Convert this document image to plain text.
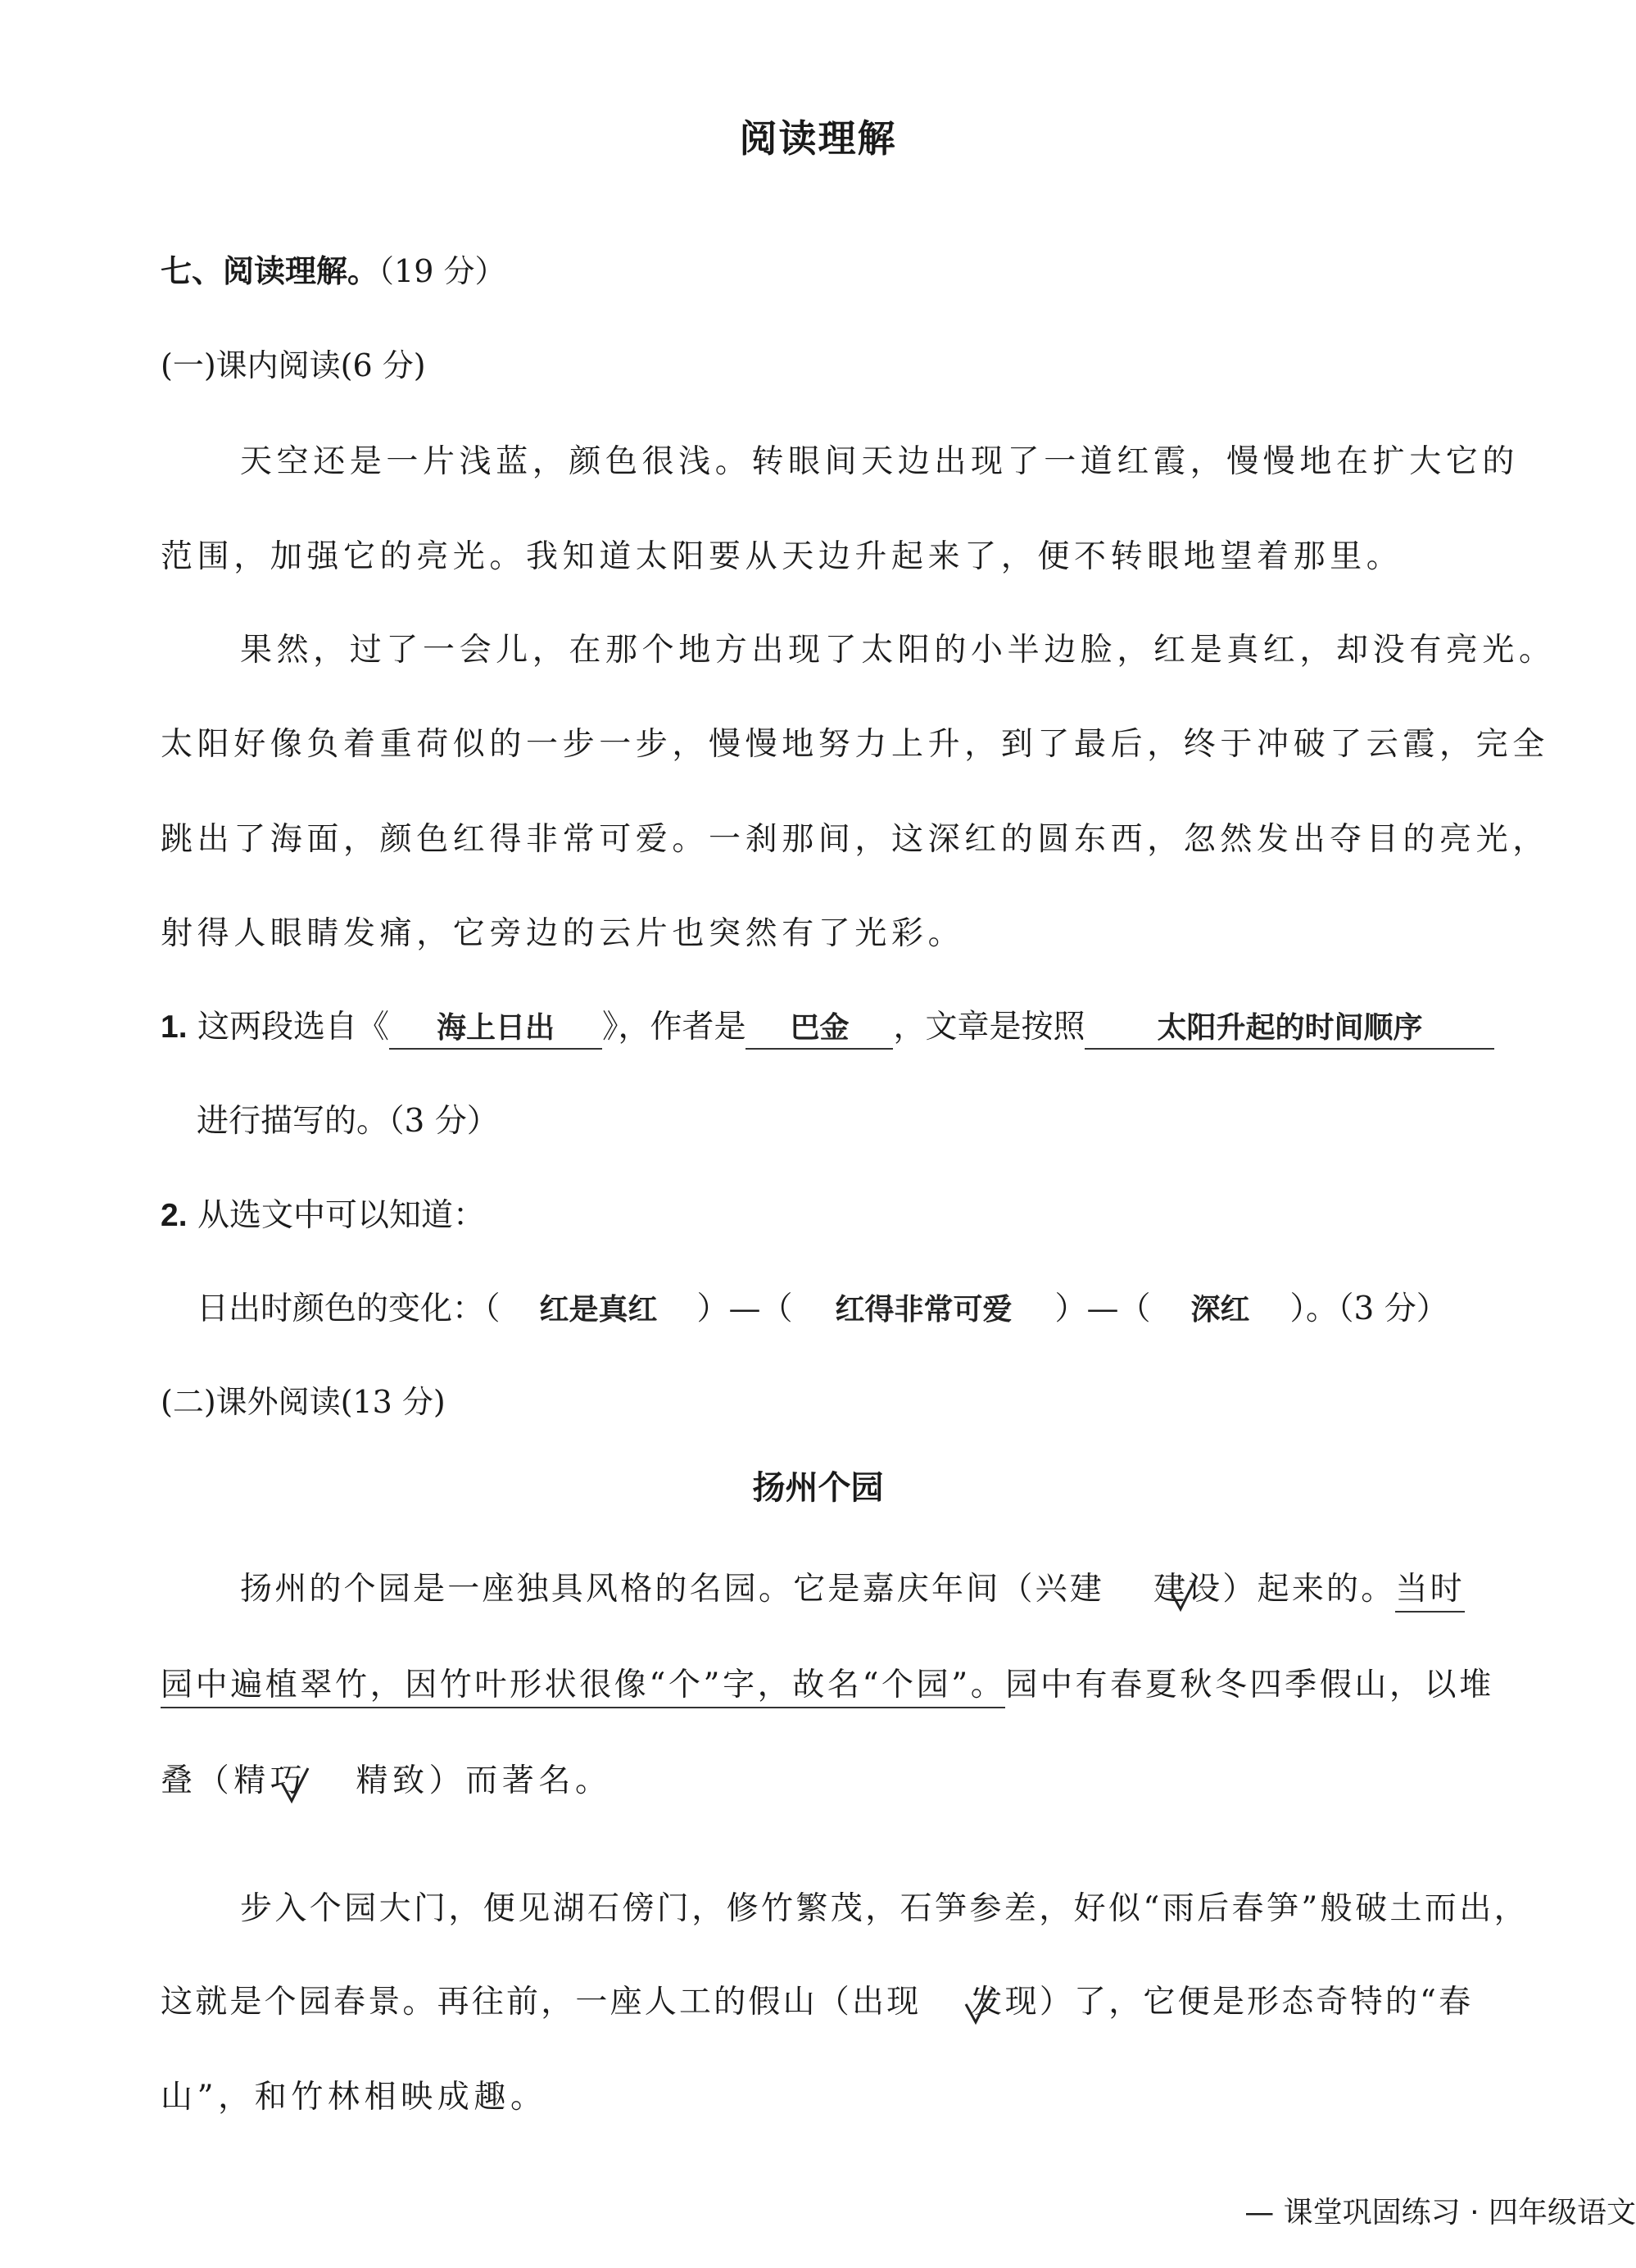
阅读理解
七、阅读理解。（19 分）
(一)课内阅读(6 分)
天空还是一片浅蓝，颜色很浅。转眼间天边出现了一道红霞，慢慢地在扩大它的
范围，加强它的亮光。我知道太阳要从天边升起来了，便不转眼地望着那里。
果然，过了一会儿，在那个地方出现了太阳的小半边脸，红是真红，却没有亮光。
太阳好像负着重荷似的一步一步，慢慢地努力上升，到了最后，终于冲破了云霞，完全
跳出了海面，颜色红得非常可爱。一刹那间，这深红的圆东西，忽然发出夺目的亮光，
射得人眼睛发痛，它旁边的云片也突然有了光彩。
1. 这两段选自《 海上日出 》，作者是 巴金 ，文章是按照 太阳升起的时间顺序
进行描写的。（3 分）
2. 从选文中可以知道：
日出时颜色的变化：（ 红是真红 ）—（ 红得非常可爱 ）—（ 深红 ）。（3 分）
(二)课外阅读(13 分)
扬州个园
扬州的个园是一座独具风格的名园。它是嘉庆年间（兴建 建设）起来的。当时
园中遍植翠竹，因竹叶形状很像“个”字，故名“个园”。园中有春夏秋冬四季假山，以堆
叠（精巧 精致）而著名。
步入个园大门，便见湖石傍门，修竹繁茂，石笋参差，好似“雨后春笋”般破土而出，
这就是个园春景。再往前，一座人工的假山（出现 发现）了，它便是形态奇特的“春
山”，和竹林相映成趣。
— 课堂巩固练习 · 四年级语文
